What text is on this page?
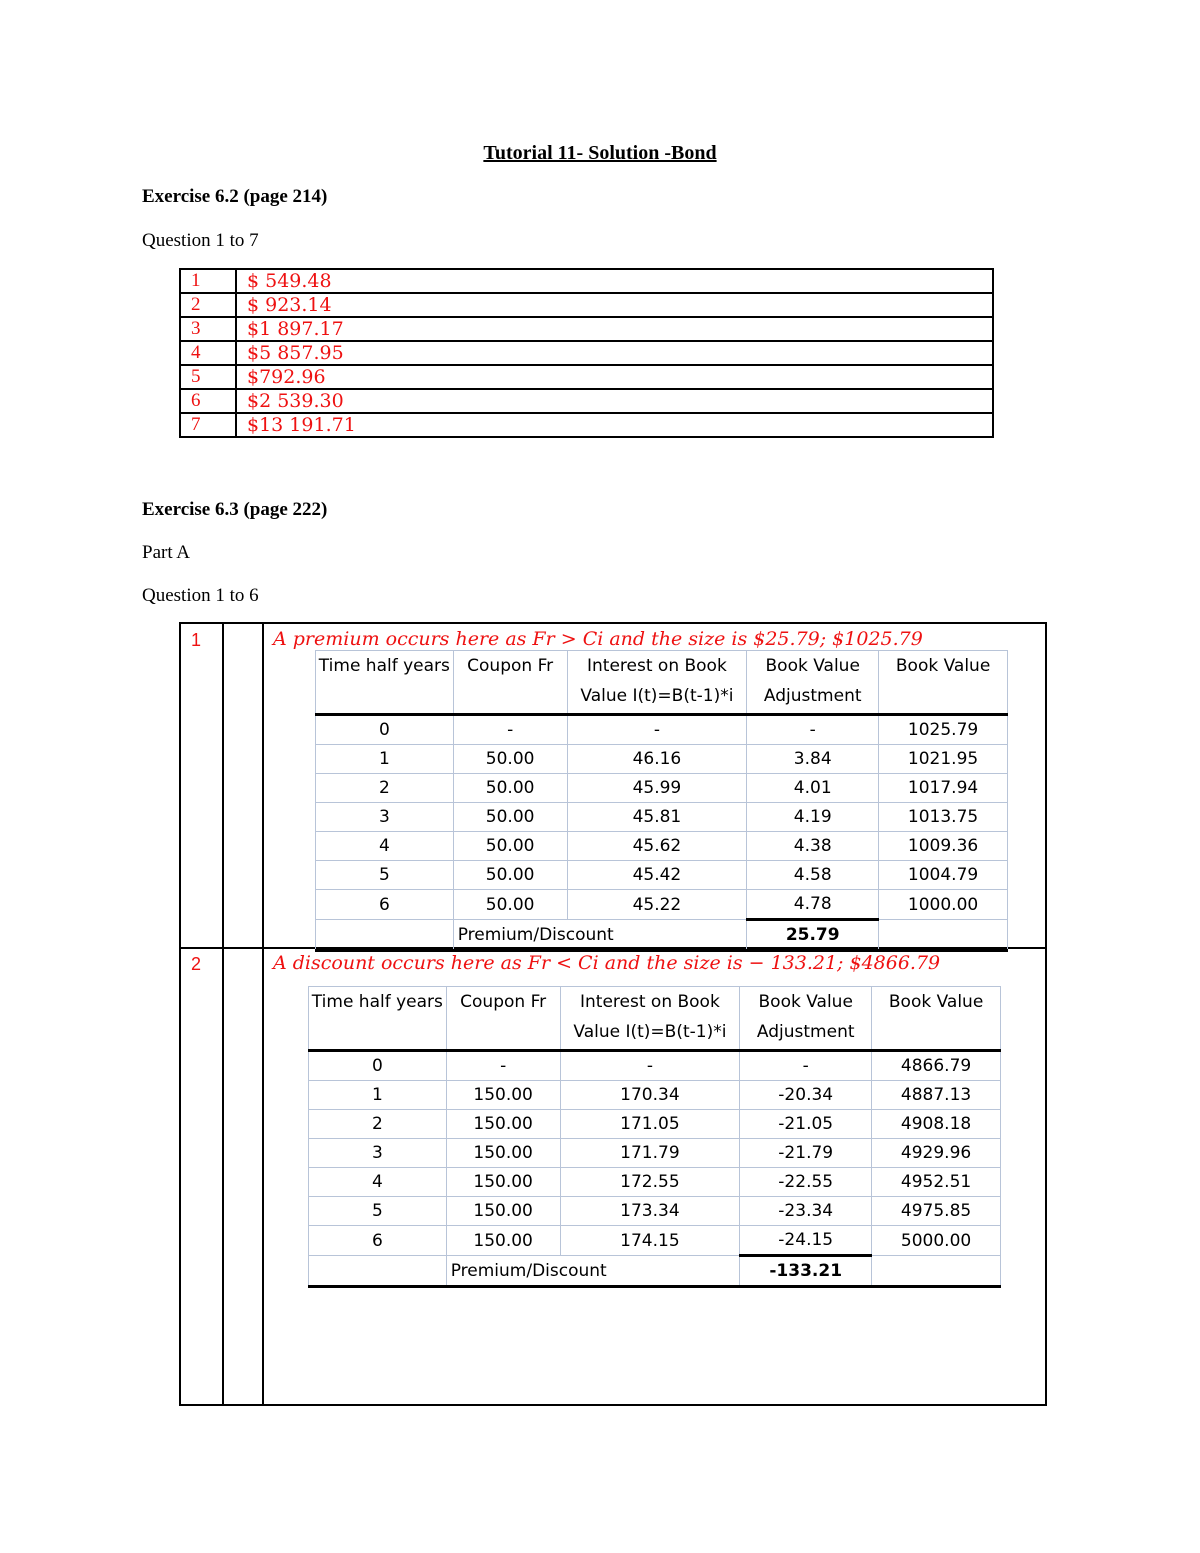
Tutorial 11- Solution -Bond
Exercise 6.2 (page 214)
Question 1 to 7
1	$ 549.48
2	$ 923.14
3	$1 897.17
4	$5 857.95
5	$792.96
6	$2 539.30
7	$13 191.71
Exercise 6.3 (page 222)
Part A
Question 1 to 6
1	A premium occurs here as Fr > Ci and the size is $25.79; $1025.79
2	A discount occurs here as Fr < Ci and the size is − 133.21; $4866.79
Time half years	Coupon Fr	Interest on Book Value I(t)=B(t-1)*i	Book Value Adjustment	Book Value
0	-	-	-	1025.79
1	50.00	46.16	3.84	1021.95
2	50.00	45.99	4.01	1017.94
3	50.00	45.81	4.19	1013.75
4	50.00	45.62	4.38	1009.36
5	50.00	45.42	4.58	1004.79
6	50.00	45.22	4.78	1000.00
	Premium/Discount		25.79	
Time half years	Coupon Fr	Interest on Book Value I(t)=B(t-1)*i	Book Value Adjustment	Book Value
0	-	-	-	4866.79
1	150.00	170.34	-20.34	4887.13
2	150.00	171.05	-21.05	4908.18
3	150.00	171.79	-21.79	4929.96
4	150.00	172.55	-22.55	4952.51
5	150.00	173.34	-23.34	4975.85
6	150.00	174.15	-24.15	5000.00
	Premium/Discount		-133.21	
